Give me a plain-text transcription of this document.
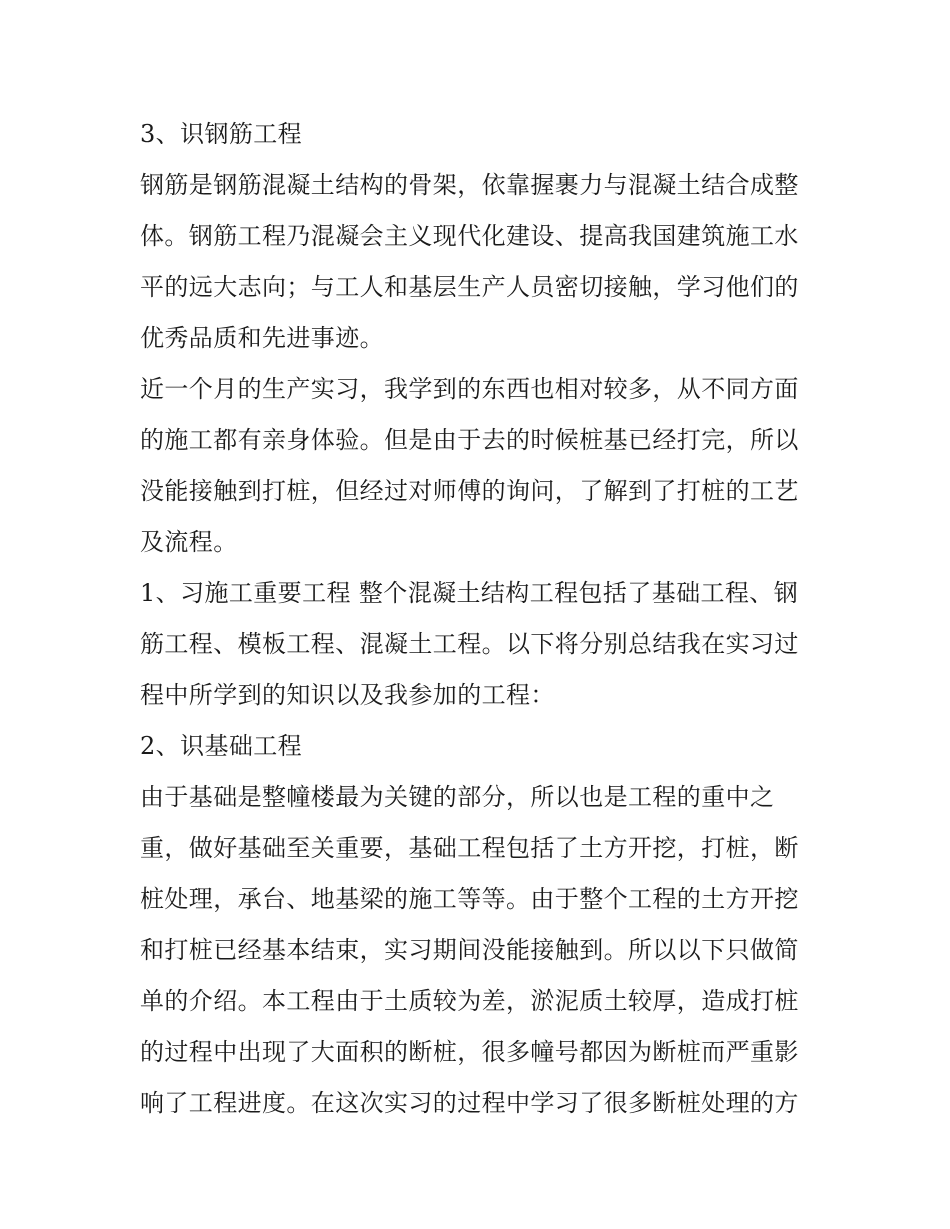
3、识钢筋工程
钢筋是钢筋混凝土结构的骨架，依靠握裹力与混凝土结合成整
体。钢筋工程乃混凝会主义现代化建设、提高我国建筑施工水
平的远大志向；与工人和基层生产人员密切接触，学习他们的
优秀品质和先进事迹。
近一个月的生产实习，我学到的东西也相对较多，从不同方面
的施工都有亲身体验。但是由于去的时候桩基已经打完，所以
没能接触到打桩，但经过对师傅的询问，了解到了打桩的工艺
及流程。
1、习施工重要工程 整个混凝土结构工程包括了基础工程、钢
筋工程、模板工程、混凝土工程。以下将分别总结我在实习过
程中所学到的知识以及我参加的工程：
2、识基础工程
由于基础是整幢楼最为关键的部分，所以也是工程的重中之
重，做好基础至关重要，基础工程包括了土方开挖，打桩，断
桩处理，承台、地基梁的施工等等。由于整个工程的土方开挖
和打桩已经基本结束，实习期间没能接触到。所以以下只做简
单的介绍。本工程由于土质较为差，淤泥质土较厚，造成打桩
的过程中出现了大面积的断桩，很多幢号都因为断桩而严重影
响了工程进度。在这次实习的过程中学习了很多断桩处理的方
